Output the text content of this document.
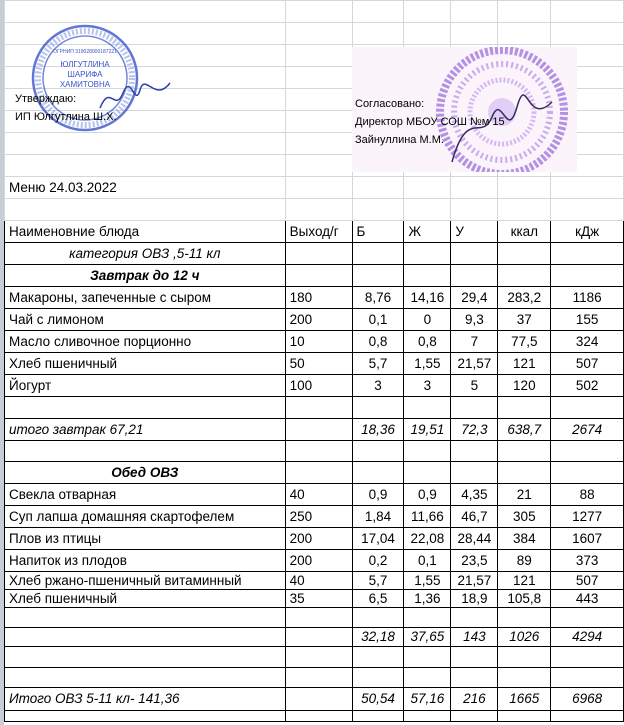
Меню 24.03.2022						

Наименовние блюда	Выход/г	Б	Ж	У	ккал	кДж
категория ОВЗ ,5-11 кл						
Завтрак до 12 ч						
Макароны, запеченные с сыром	180	8,76	14,16	29,4	283,2	1186
Чай с лимоном	200	0,1	0	9,3	37	155
Масло сливочное порционно	10	0,8	0,8	7	77,5	324
Хлеб пшеничный	50	5,7	1,55	21,57	121	507
Йогурт	100	3	3	5	120	502

итого завтрак 67,21		18,36	19,51	72,3	638,7	2674

Обед ОВЗ						
Свекла отварная	40	0,9	0,9	4,35	21	88
Суп лапша домашняя скартофелем	250	1,84	11,66	46,7	305	1277
Плов из птицы	200	17,04	22,08	28,44	384	1607
Напиток из плодов	200	0,2	0,1	23,5	89	373
Хлеб ржано-пшеничный витаминный	40	5,7	1,55	21,57	121	507
Хлеб пшеничный	35	6,5	1,36	18,9	105,8	443

		32,18	37,65	143	1026	4294

Итого ОВЗ 5-11 кл- 141,36		50,54	57,16	216	1665	6968

ЮЛГУТЛИНА
ШАРИФА
ХАМИТОВНА
ОГРНИП 319028000187221
Утверждаю:
ИП Юлгутлина Ш.Х.
Согласовано:
Директор МБОУ СОШ №м 15
Зайнуллина М.М.
